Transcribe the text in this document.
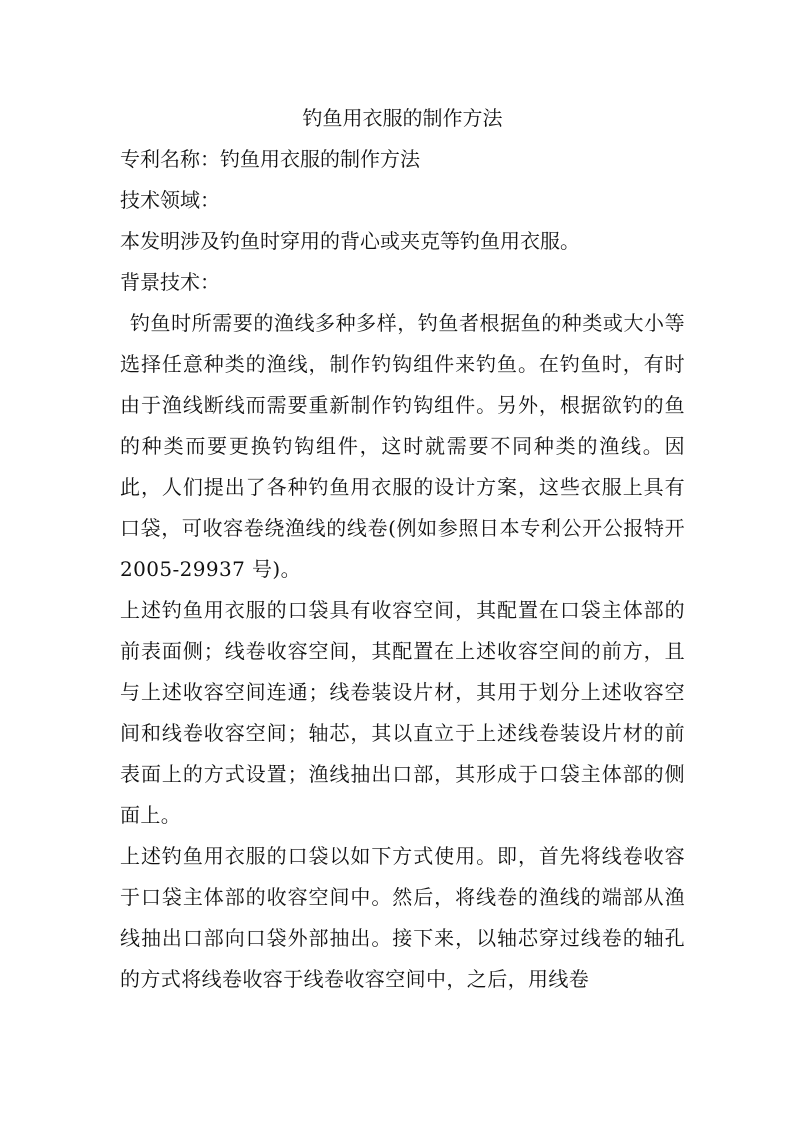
钓鱼用衣服的制作方法

专利名称：钓鱼用衣服的制作方法

技术领域：

本发明涉及钓鱼时穿用的背心或夹克等钓鱼用衣服。

背景技术：

钓鱼时所需要的渔线多种多样，钓鱼者根据鱼的种类或大小等选择任意种类的渔线，制作钓钩组件来钓鱼。在钓鱼时，有时由于渔线断线而需要重新制作钓钩组件。另外，根据欲钓的鱼的种类而要更换钓钩组件，这时就需要不同种类的渔线。因此，人们提出了各种钓鱼用衣服的设计方案，这些衣服上具有口袋，可收容卷绕渔线的线卷(例如参照日本专利公开公报特开 2005-29937 号)。

上述钓鱼用衣服的口袋具有收容空间，其配置在口袋主体部的前表面侧；线卷收容空间，其配置在上述收容空间的前方，且与上述收容空间连通；线卷装设片材，其用于划分上述收容空间和线卷收容空间；轴芯，其以直立于上述线卷装设片材的前表面上的方式设置；渔线抽出口部，其形成于口袋主体部的侧面上。

上述钓鱼用衣服的口袋以如下方式使用。即，首先将线卷收容于口袋主体部的收容空间中。然后，将线卷的渔线的端部从渔线抽出口部向口袋外部抽出。接下来，以轴芯穿过线卷的轴孔的方式将线卷收容于线卷收容空间中，之后，用线卷
